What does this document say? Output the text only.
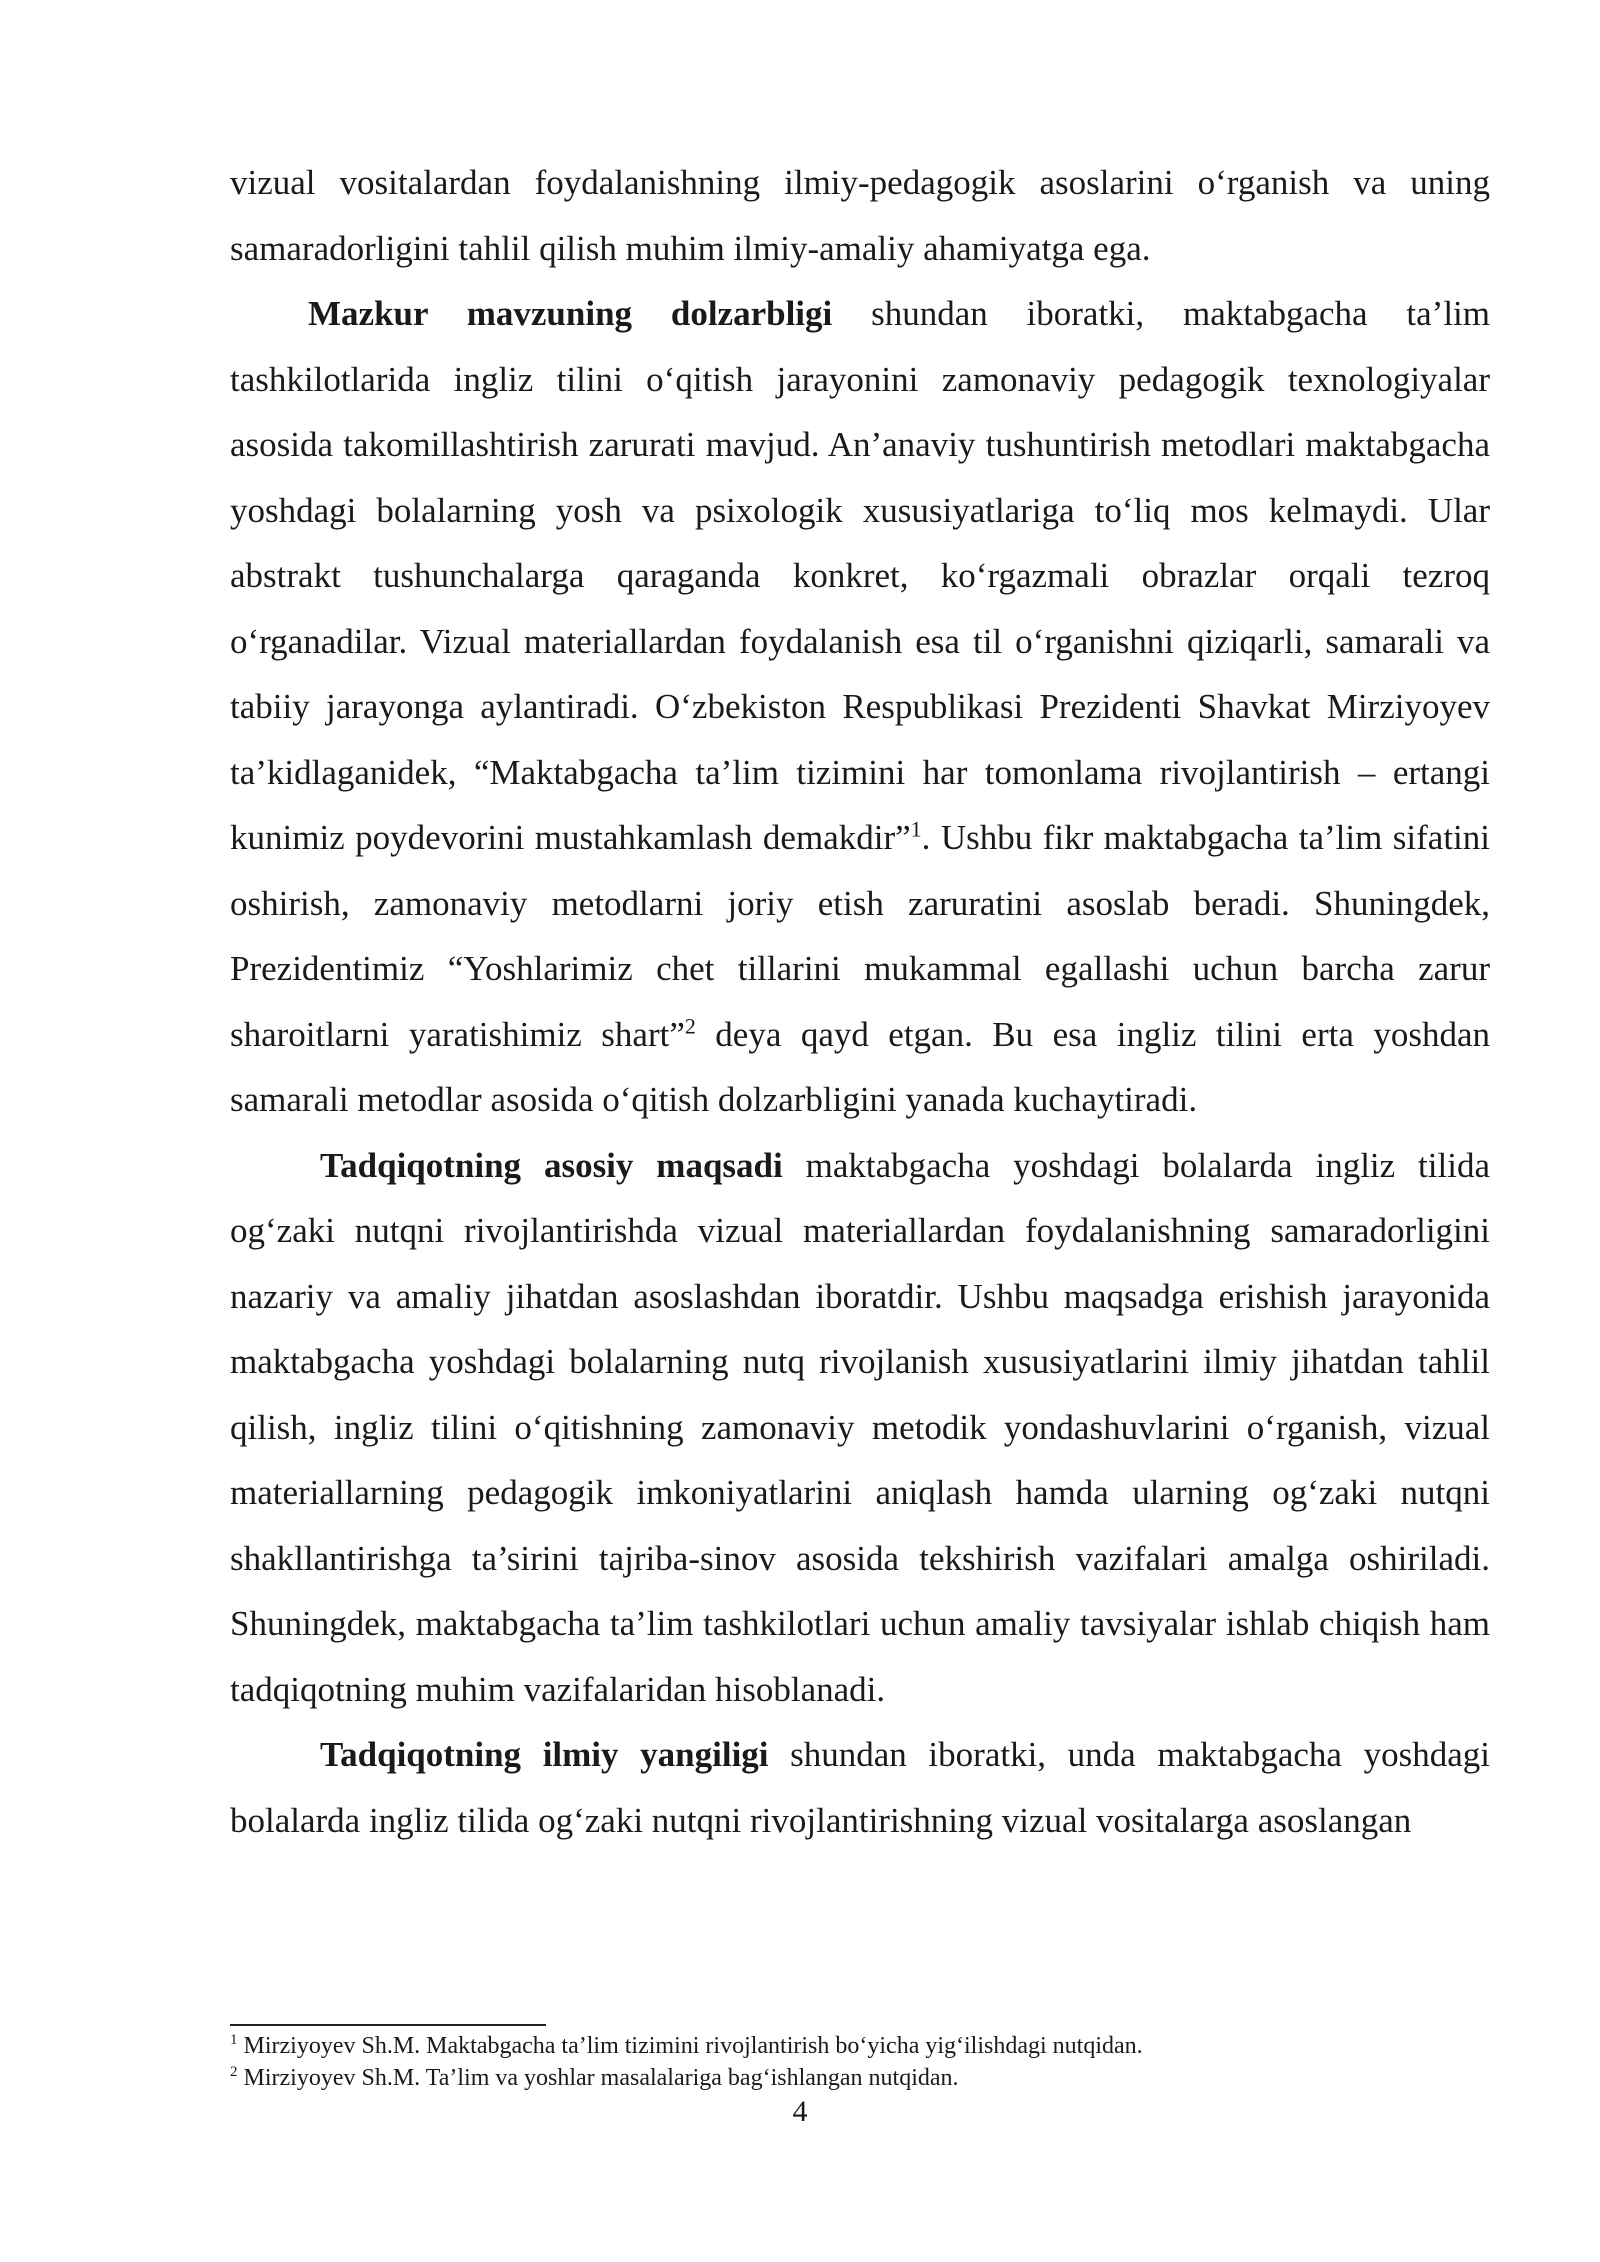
vizual vositalardan foydalanishning ilmiy-pedagogik asoslarini o‘rganish va uning samaradorligini tahlil qilish muhim ilmiy-amaliy ahamiyatga ega.

Mazkur mavzuning dolzarbligi shundan iboratki, maktabgacha ta’lim tashkilotlarida ingliz tilini o‘qitish jarayonini zamonaviy pedagogik texnologiyalar asosida takomillashtirish zarurati mavjud. An’anaviy tushuntirish metodlari maktabgacha yoshdagi bolalarning yosh va psixologik xususiyatlariga to‘liq mos kelmaydi. Ular abstrakt tushunchalarga qaraganda konkret, ko‘rgazmali obrazlar orqali tezroq o‘rganadilar. Vizual materiallardan foydalanish esa til o‘rganishni qiziqarli, samarali va tabiiy jarayonga aylantiradi. O‘zbekiston Respublikasi Prezidenti Shavkat Mirziyoyev ta’kidlaganidek, “Maktabgacha ta’lim tizimini har tomonlama rivojlantirish – ertangi kunimiz poydevorini mustahkamlash demakdir”$^1$. Ushbu fikr maktabgacha ta’lim sifatini oshirish, zamonaviy metodlarni joriy etish zaruratini asoslab beradi. Shuningdek, Prezidentimiz “Yoshlarimiz chet tillarini mukammal egallashi uchun barcha zarur sharoitlarni yaratishimiz shart”$^2$ deya qayd etgan. Bu esa ingliz tilini erta yoshdan samarali metodlar asosida o‘qitish dolzarbligini yanada kuchaytiradi.

Tadqiqotning asosiy maqsadi maktabgacha yoshdagi bolalarda ingliz tilida og‘zaki nutqni rivojlantirishda vizual materiallardan foydalanishning samaradorligini nazariy va amaliy jihatdan asoslashdan iboratdir. Ushbu maqsadga erishish jarayonida maktabgacha yoshdagi bolalarning nutq rivojlanish xususiyatlarini ilmiy jihatdan tahlil qilish, ingliz tilini o‘qitishning zamonaviy metodik yondashuvlarini o‘rganish, vizual materiallarning pedagogik imkoniyatlarini aniqlash hamda ularning og‘zaki nutqni shakllantirishga ta’sirini tajriba-sinov asosida tekshirish vazifalari amalga oshiriladi. Shuningdek, maktabgacha ta’lim tashkilotlari uchun amaliy tavsiyalar ishlab chiqish ham tadqiqotning muhim vazifalaridan hisoblanadi.

Tadqiqotning ilmiy yangiligi shundan iboratki, unda maktabgacha yoshdagi bolalarda ingliz tilida og‘zaki nutqni rivojlantirishning vizual vositalarga asoslangan

$^1$ Mirziyoyev Sh.M. Maktabgacha ta’lim tizimini rivojlantirish bo‘yicha yig‘ilishdagi nutqidan.

$^2$ Mirziyoyev Sh.M. Ta’lim va yoshlar masalalariga bag‘ishlangan nutqidan.

4
